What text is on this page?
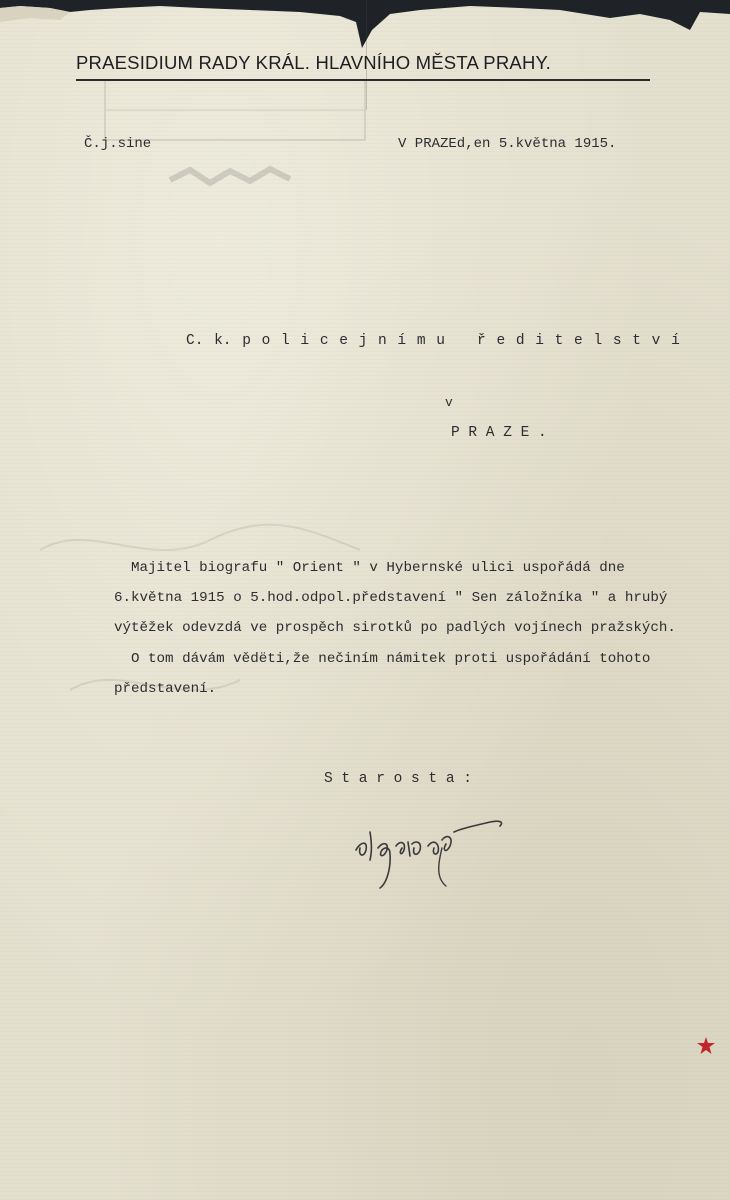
PRAESIDIUM RADY KRÁL. HLAVNÍHO MĚSTA PRAHY.
Č.j.sine	V PRAZEd,en 5.května 1915.
C. k. p o l i c e j n í m u   ř e d i t e l s t v í
v
P R A Z E .
Majitel biografu " Orient " v Hybernské ulici uspořádá dne
6.května 1915 o 5.hod.odpol.představení " Sen záložníka " a hrubý
výtěžek odevzdá ve prospěch sirotků po padlých vojínech pražských.
O tom dávám vědëti,že nečiním námitek proti uspořádání tohoto
představení.
S t a r o s t a :
